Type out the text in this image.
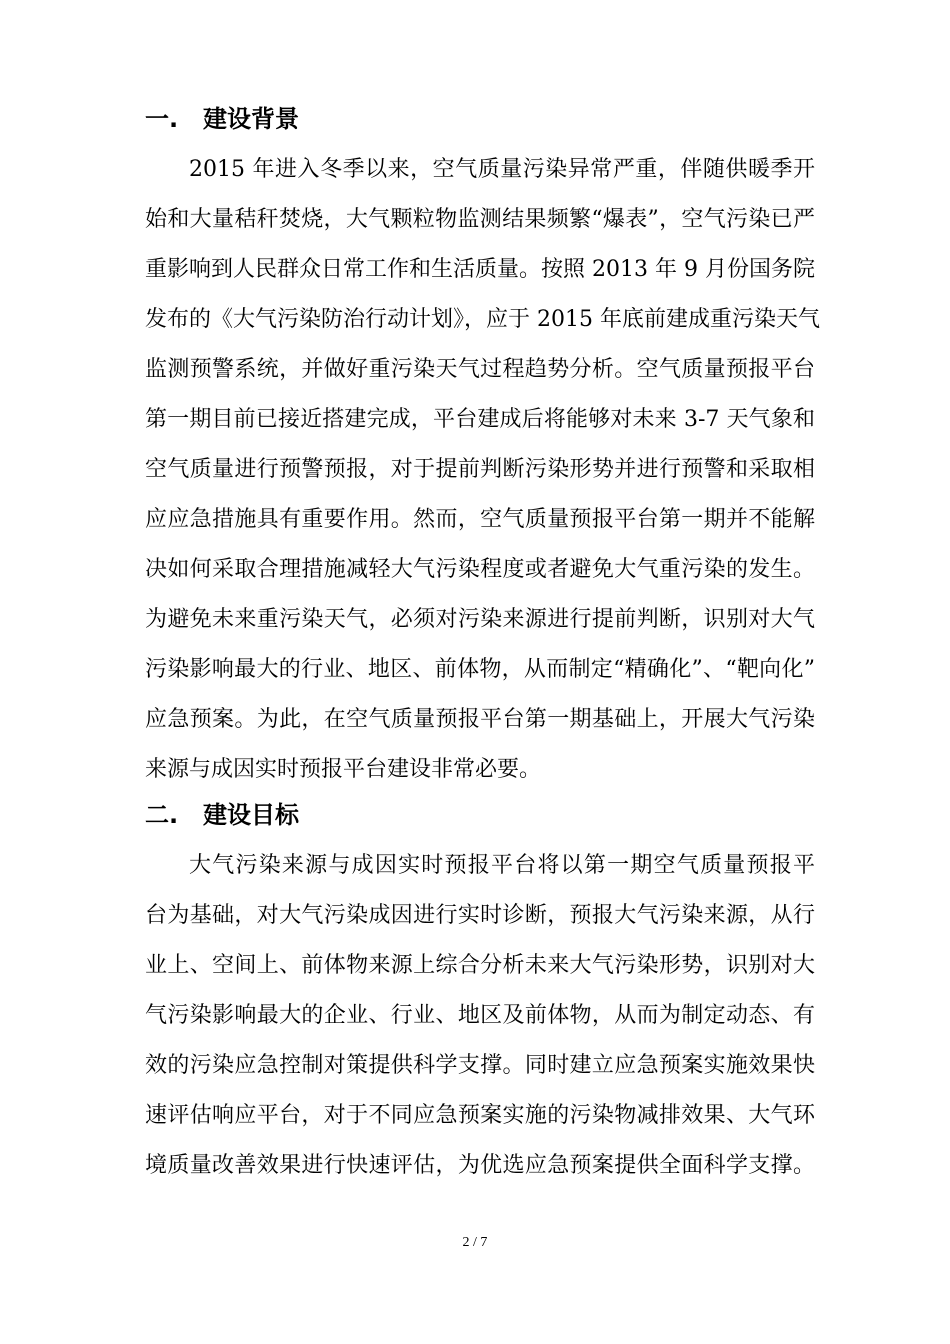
一. 建设背景
2015 年进入冬季以来，空气质量污染异常严重，伴随供暖季开
始和大量秸秆焚烧，大气颗粒物监测结果频繁“爆表”，空气污染已严
重影响到人民群众日常工作和生活质量。按照 2013 年 9 月份国务院
发布的《大气污染防治行动计划》，应于 2015 年底前建成重污染天气
监测预警系统，并做好重污染天气过程趋势分析。空气质量预报平台
第一期目前已接近搭建完成，平台建成后将能够对未来 3-7 天气象和
空气质量进行预警预报，对于提前判断污染形势并进行预警和采取相
应应急措施具有重要作用。然而，空气质量预报平台第一期并不能解
决如何采取合理措施减轻大气污染程度或者避免大气重污染的发生。
为避免未来重污染天气，必须对污染来源进行提前判断，识别对大气
污染影响最大的行业、地区、前体物，从而制定“精确化”、“靶向化”
应急预案。为此，在空气质量预报平台第一期基础上，开展大气污染
来源与成因实时预报平台建设非常必要。
二. 建设目标
大气污染来源与成因实时预报平台将以第一期空气质量预报平
台为基础，对大气污染成因进行实时诊断，预报大气污染来源，从行
业上、空间上、前体物来源上综合分析未来大气污染形势，识别对大
气污染影响最大的企业、行业、地区及前体物，从而为制定动态、有
效的污染应急控制对策提供科学支撑。同时建立应急预案实施效果快
速评估响应平台，对于不同应急预案实施的污染物减排效果、大气环
境质量改善效果进行快速评估，为优选应急预案提供全面科学支撑。
2 / 7
